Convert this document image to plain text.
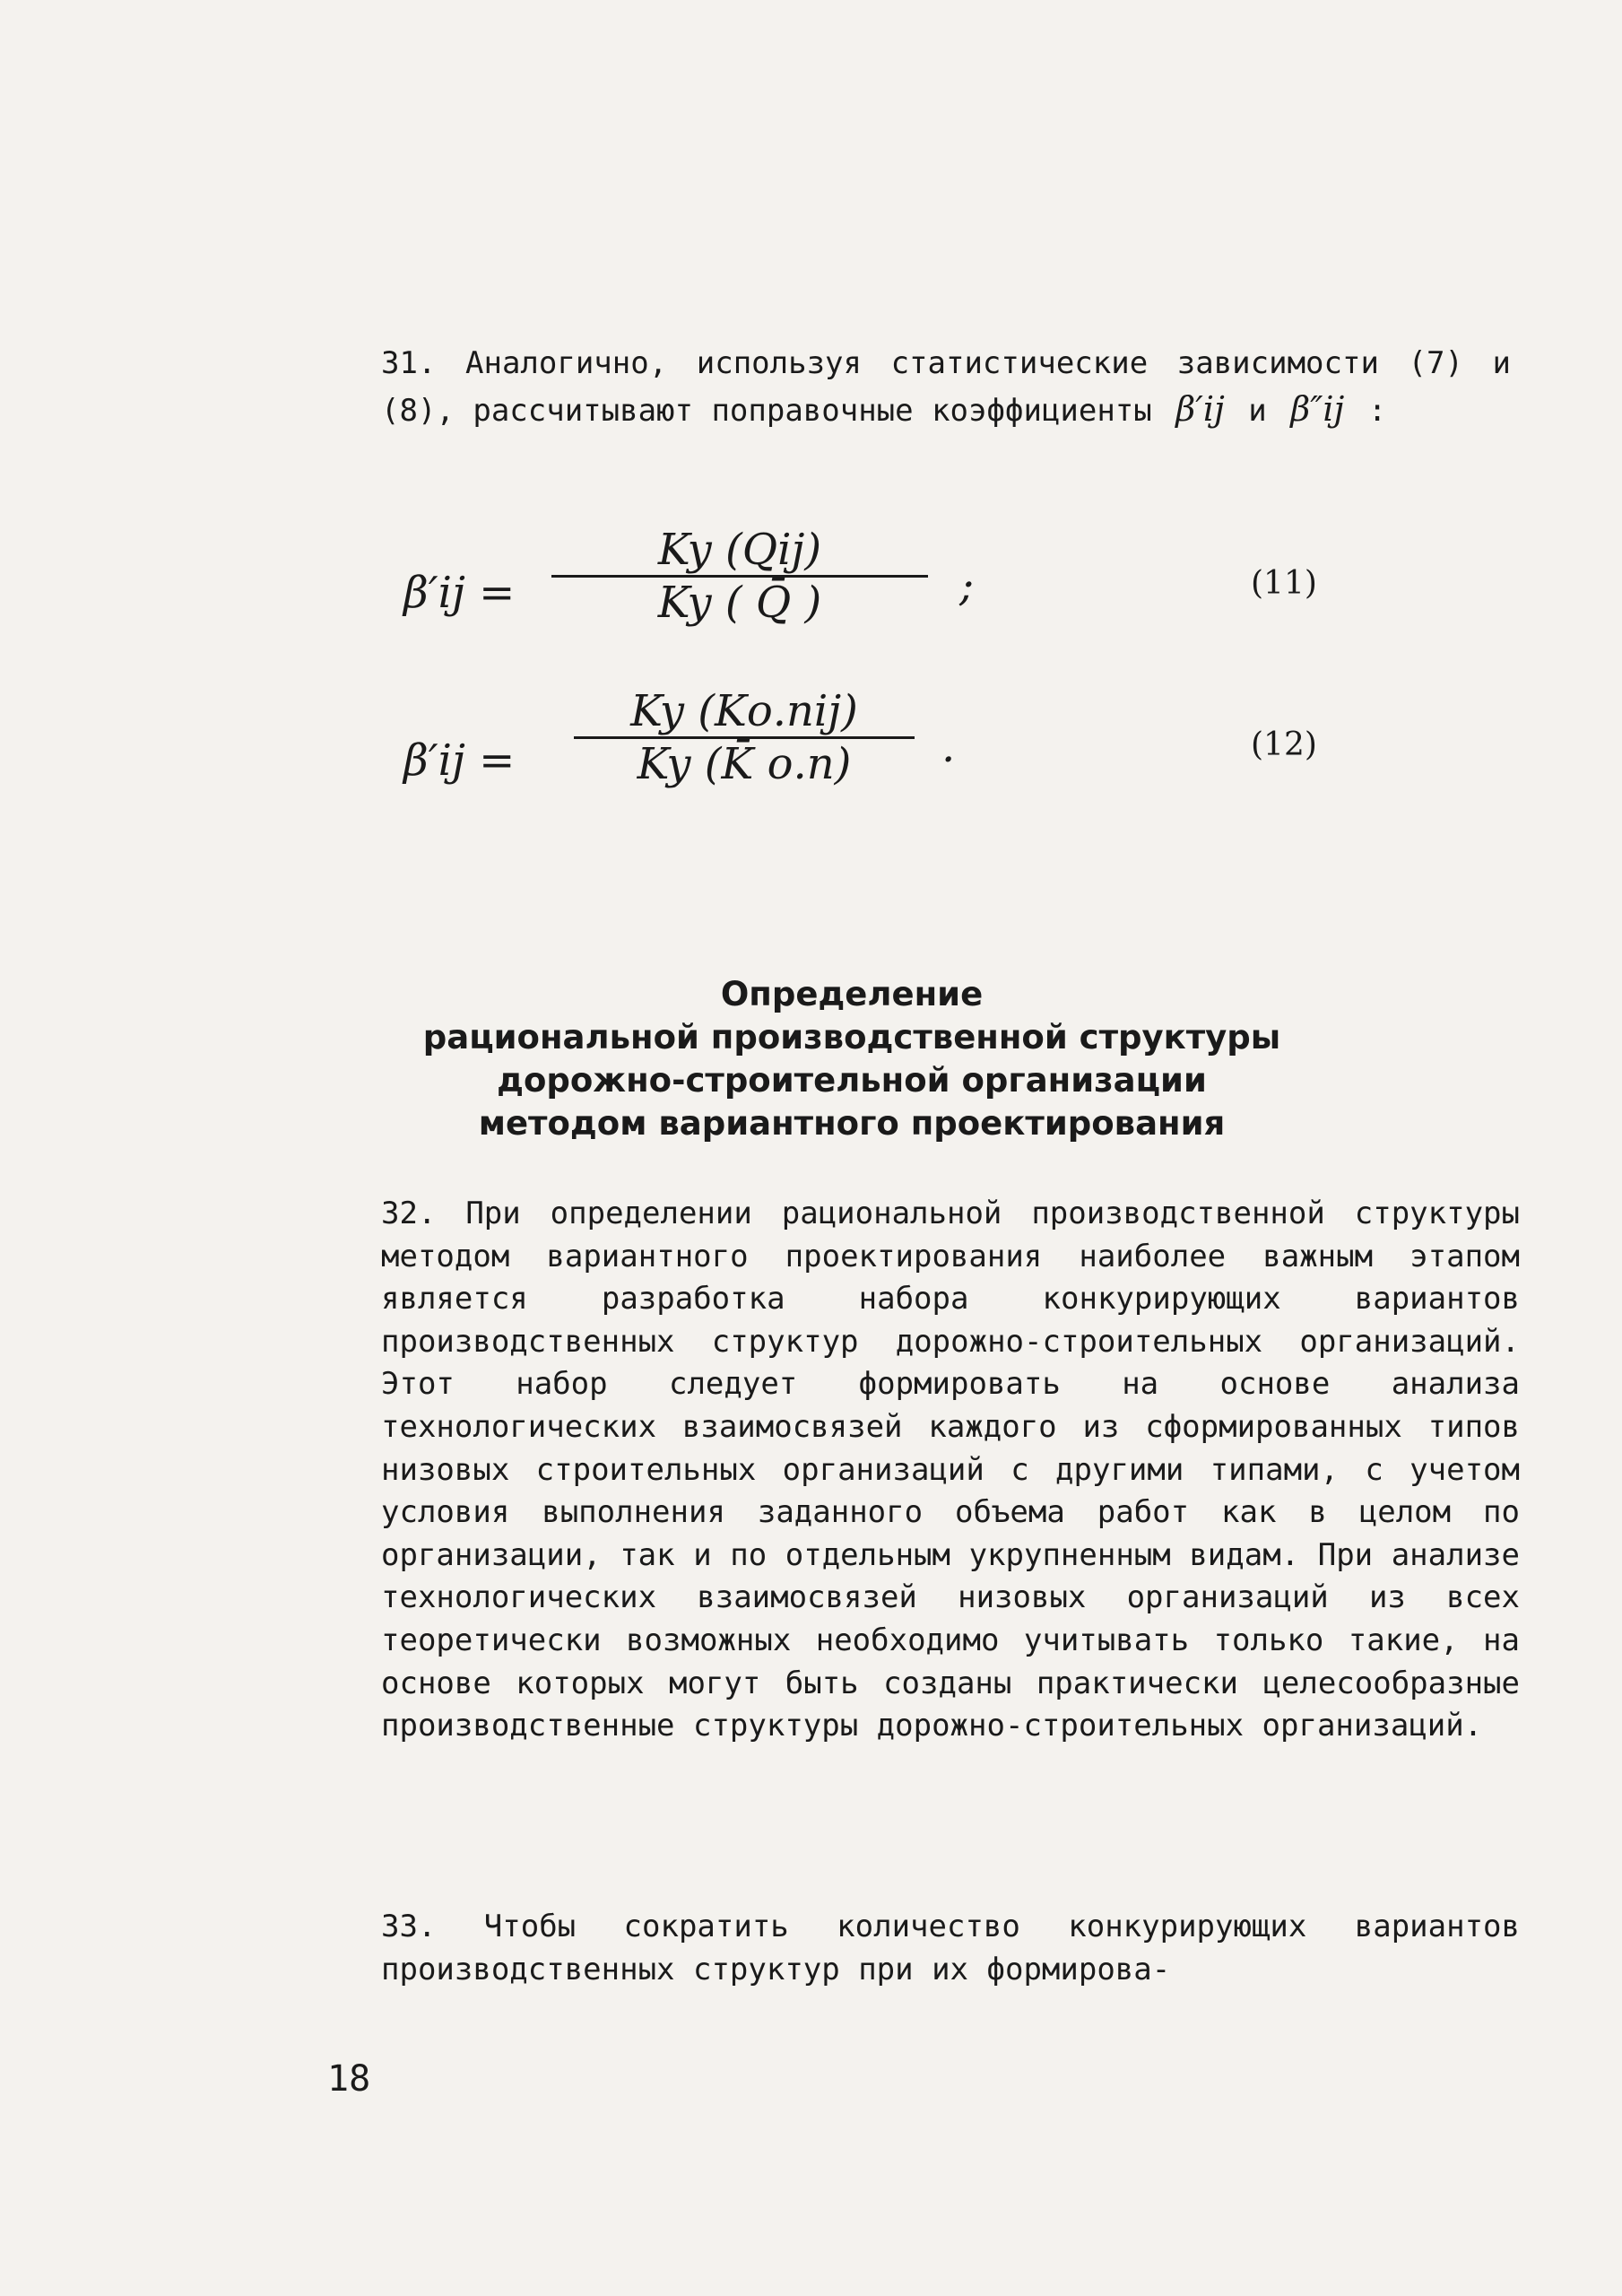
31. Аналогично, используя статистические зависимости (7) и (8), рассчитывают поправочные коэффициенты β′ij и β″ij :
β′ij =
Ky (Qij)
Ky ( Q̄ )	;	(11)
β′ij =
Ky (Kо.пij)
Ky (K̄ о.п) .	(12)
Определение
рациональной производственной структуры
дорожно-строительной организации
методом вариантного проектирования
32. При определении рациональной производственной структуры методом вариантного проектирования наиболее важным этапом является разработка набора конкурирующих вариантов производственных структур дорожно-строительных организаций. Этот набор следует формировать на основе анализа технологических взаимосвязей каждого из сформированных типов низовых строительных организаций с другими типами, с учетом условия выполнения заданного объема работ как в целом по организации, так и по отдельным укрупненным видам. При анализе технологических взаимосвязей низовых организаций из всех теоретически возможных необходимо учитывать только такие, на основе которых могут быть созданы практически целесообразные производственные структуры дорожно-строительных организаций.
33. Чтобы сократить количество конкурирующих вариантов производственных структур при их формирова-
18
